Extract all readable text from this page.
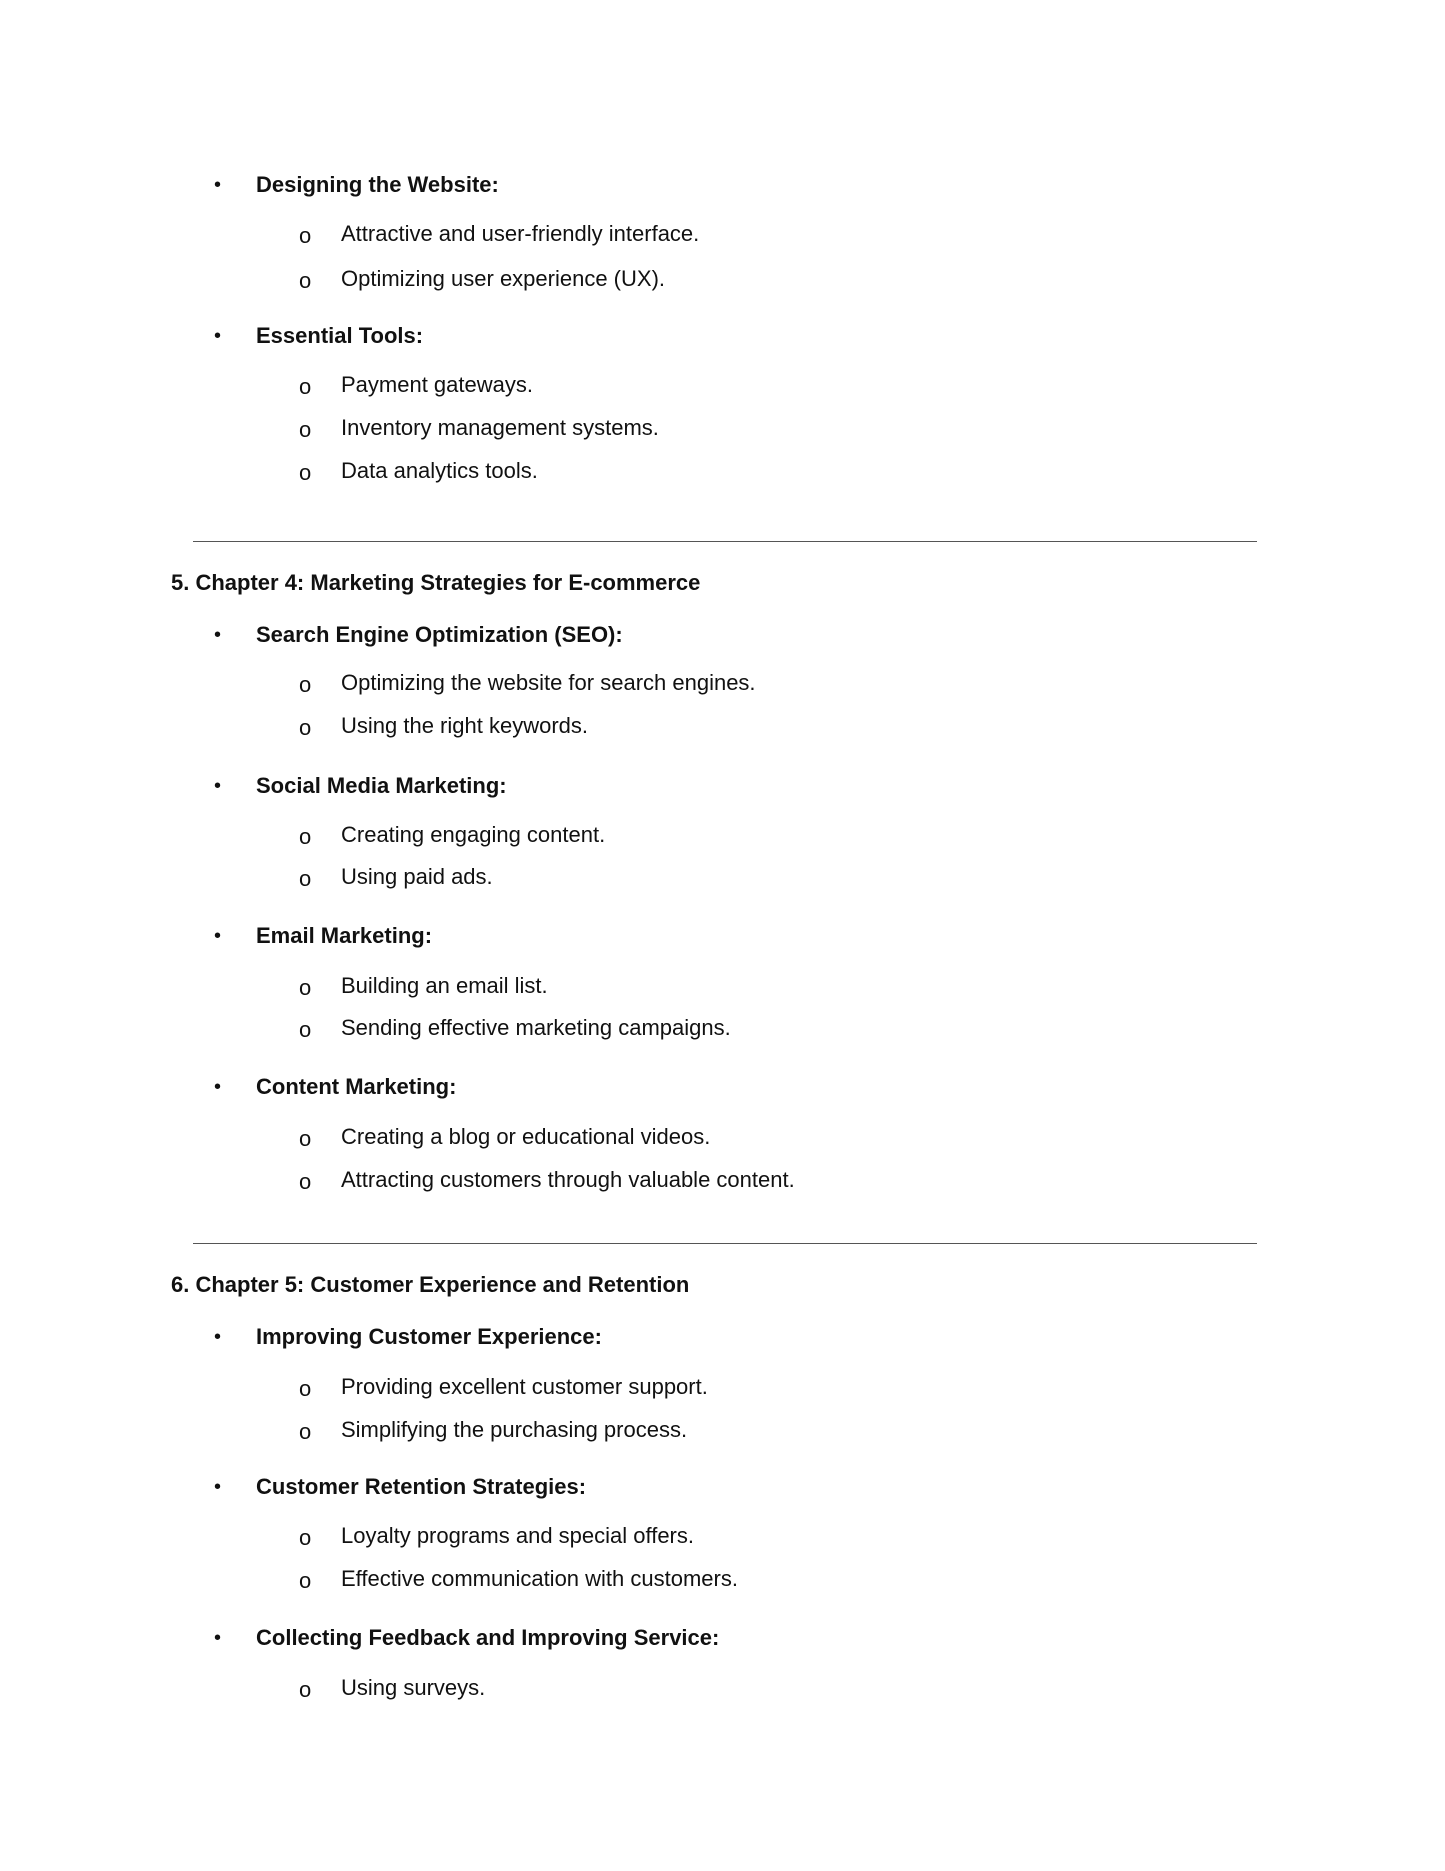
• Designing the Website:
o Attractive and user-friendly interface.
o Optimizing user experience (UX).
• Essential Tools:
o Payment gateways.
o Inventory management systems.
o Data analytics tools.
5. Chapter 4: Marketing Strategies for E-commerce
• Search Engine Optimization (SEO):
o Optimizing the website for search engines.
o Using the right keywords.
• Social Media Marketing:
o Creating engaging content.
o Using paid ads.
• Email Marketing:
o Building an email list.
o Sending effective marketing campaigns.
• Content Marketing:
o Creating a blog or educational videos.
o Attracting customers through valuable content.
6. Chapter 5: Customer Experience and Retention
• Improving Customer Experience:
o Providing excellent customer support.
o Simplifying the purchasing process.
• Customer Retention Strategies:
o Loyalty programs and special offers.
o Effective communication with customers.
• Collecting Feedback and Improving Service:
o Using surveys.
